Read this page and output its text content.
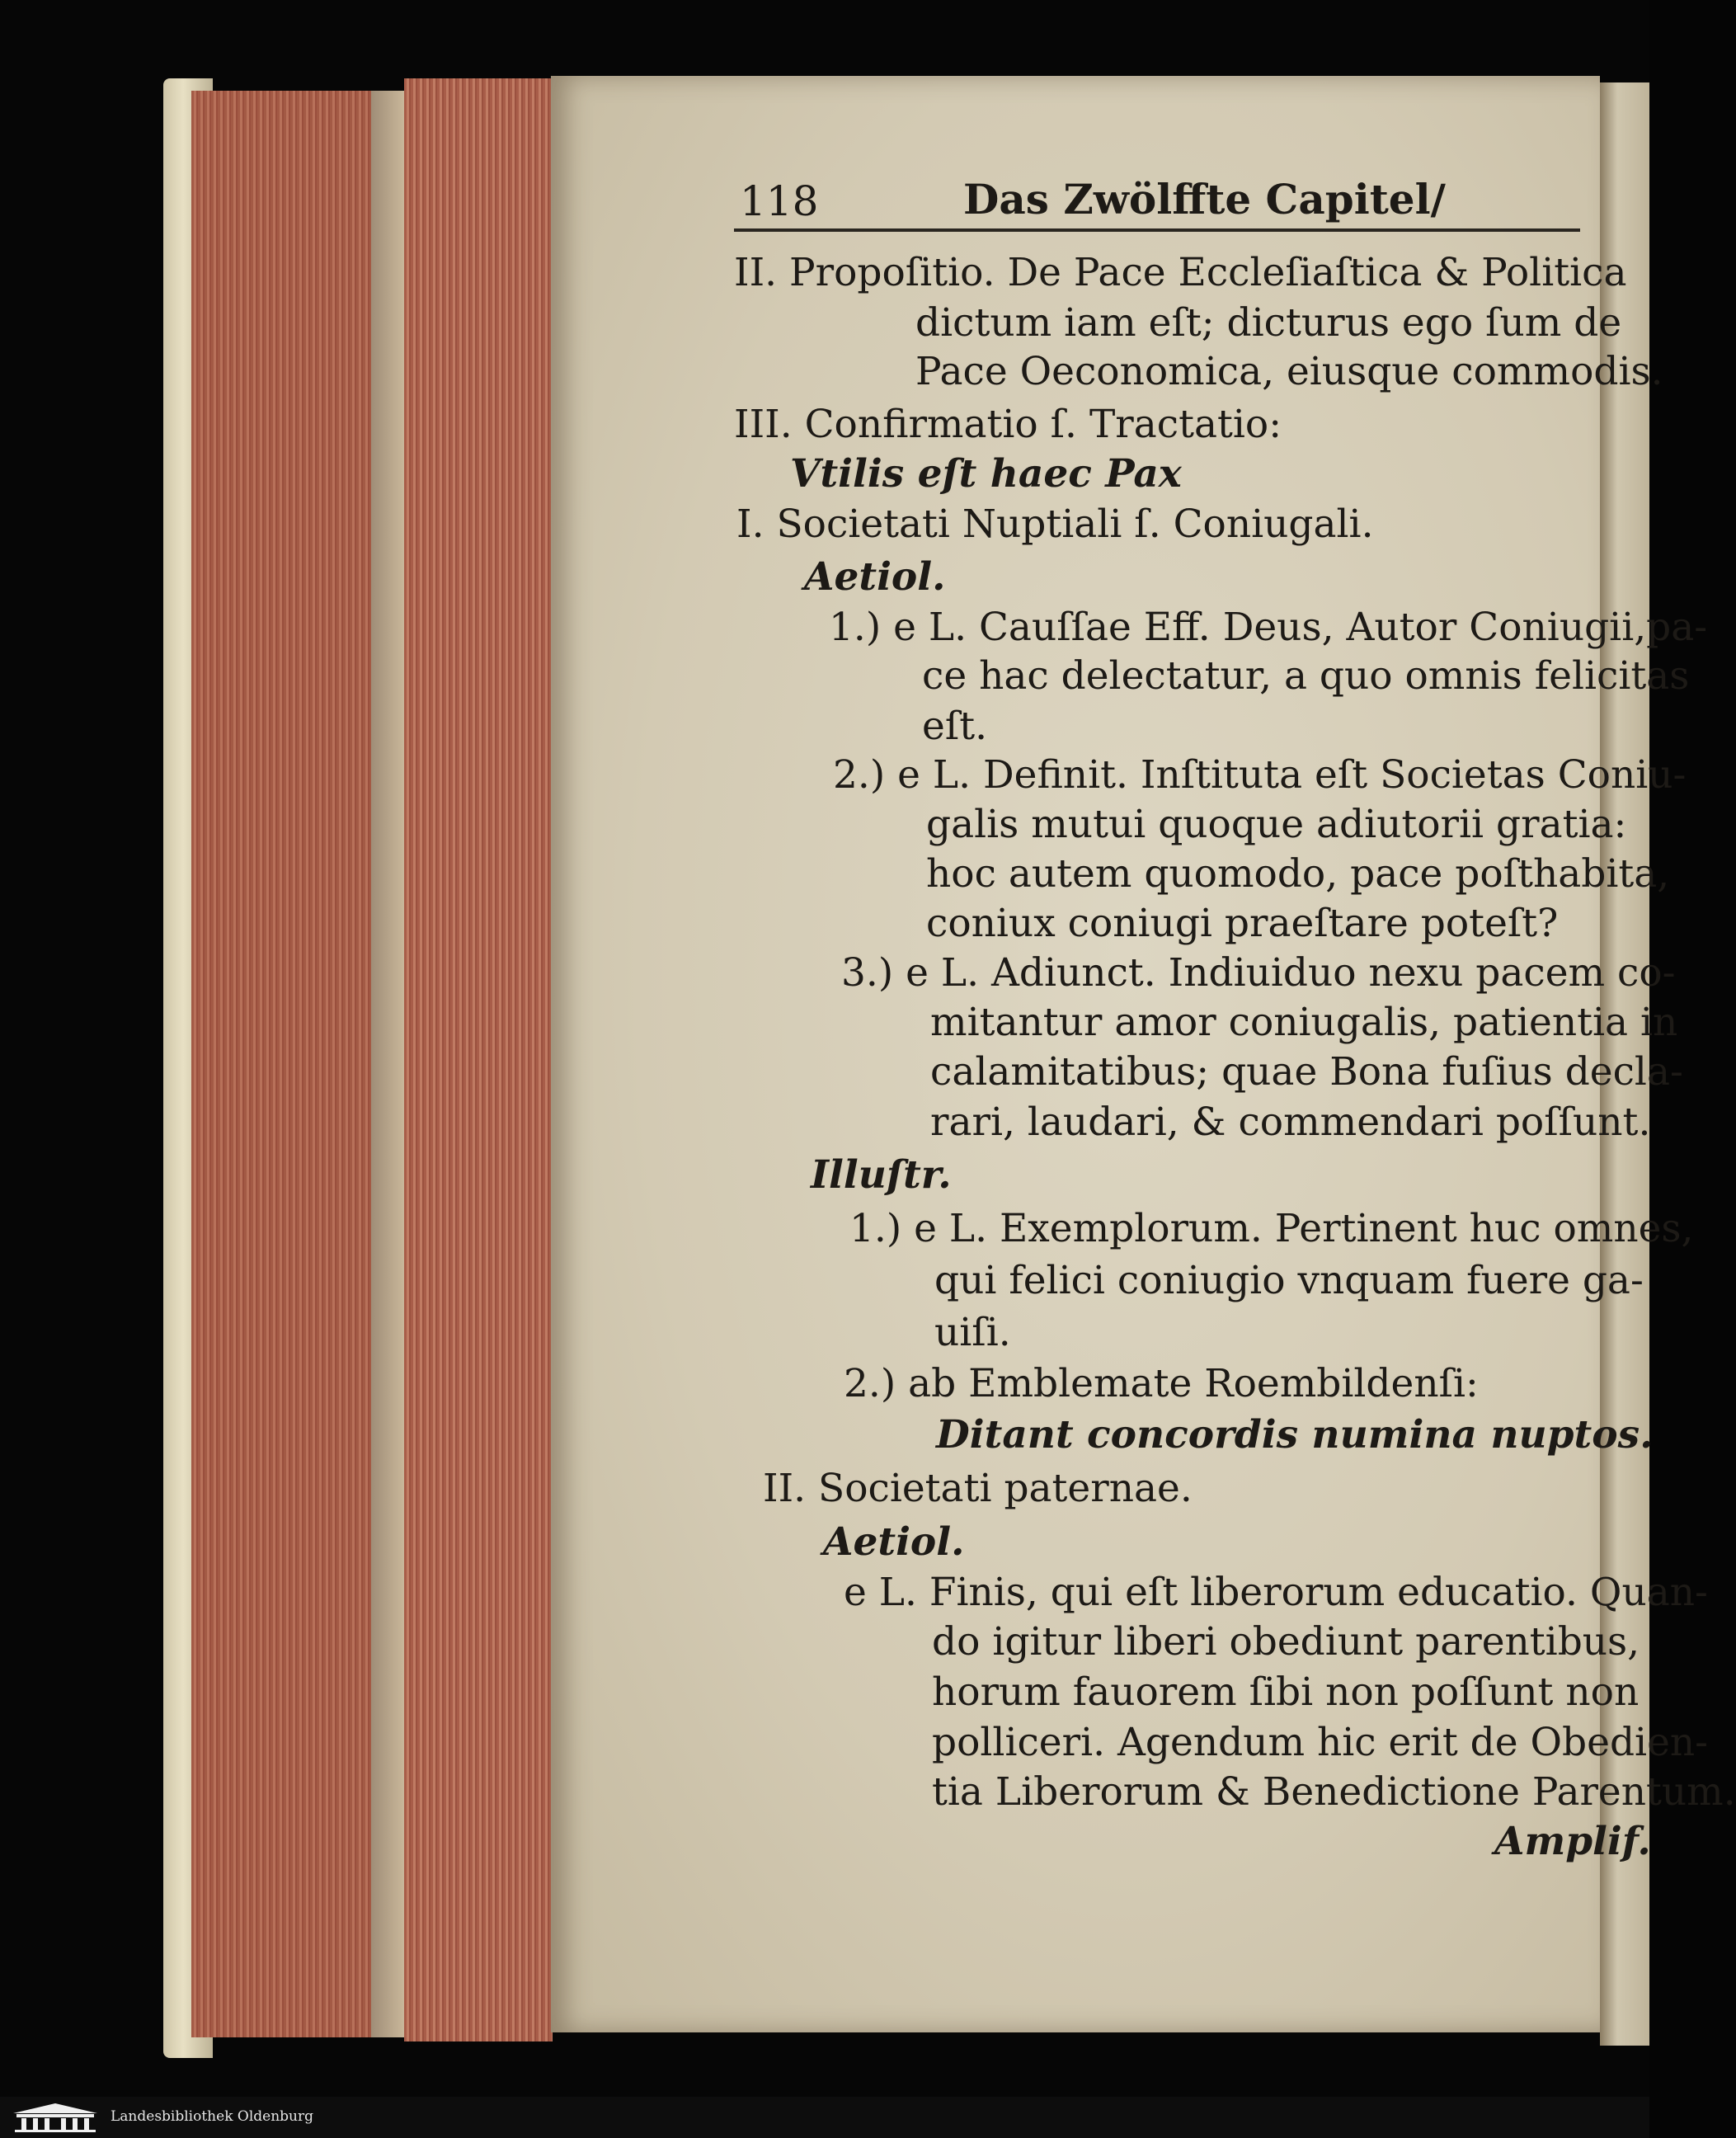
118	Das Zwölffte Capitel/
II. Propoſitio. De Pace Eccleſiaſtica & Politica
dictum iam eſt; dicturus ego ſum de
Pace Oeconomica, eiusque commodis.
III. Confirmatio ſ. Tractatio:
Vtilis eſt haec Pax
I. Societati Nuptiali ſ. Coniugali.
Aetiol.
1.) e L. Cauſſae Eff. Deus, Autor Coniugii,pa-
ce hac delectatur, a quo omnis felicitas
eſt.
2.) e L. Definit. Inſtituta eſt Societas Coniu-
galis mutui quoque adiutorii gratia:
hoc autem quomodo, pace poſthabita,
coniux coniugi praeſtare poteſt?
3.) e L. Adiunct. Indiuiduo nexu pacem co-
mitantur amor coniugalis, patientia in
calamitatibus; quae Bona fuſius decla-
rari, laudari, & commendari poſſunt.
Illuſtr.
1.) e L. Exemplorum. Pertinent huc omnes,
qui felici coniugio vnquam fuere ga-
uiſi.
2.) ab Emblemate Roembildenſi:
Ditant concordis numina nuptos.
II. Societati paternae.
Aetiol.
e L. Finis, qui eſt liberorum educatio. Quan-
do igitur liberi obediunt parentibus,
horum fauorem ſibi non poſſunt non
polliceri. Agendum hic erit de Obedien-
tia Liberorum & Benedictione Parentum.
Amplif.
Landesbibliothek Oldenburg
